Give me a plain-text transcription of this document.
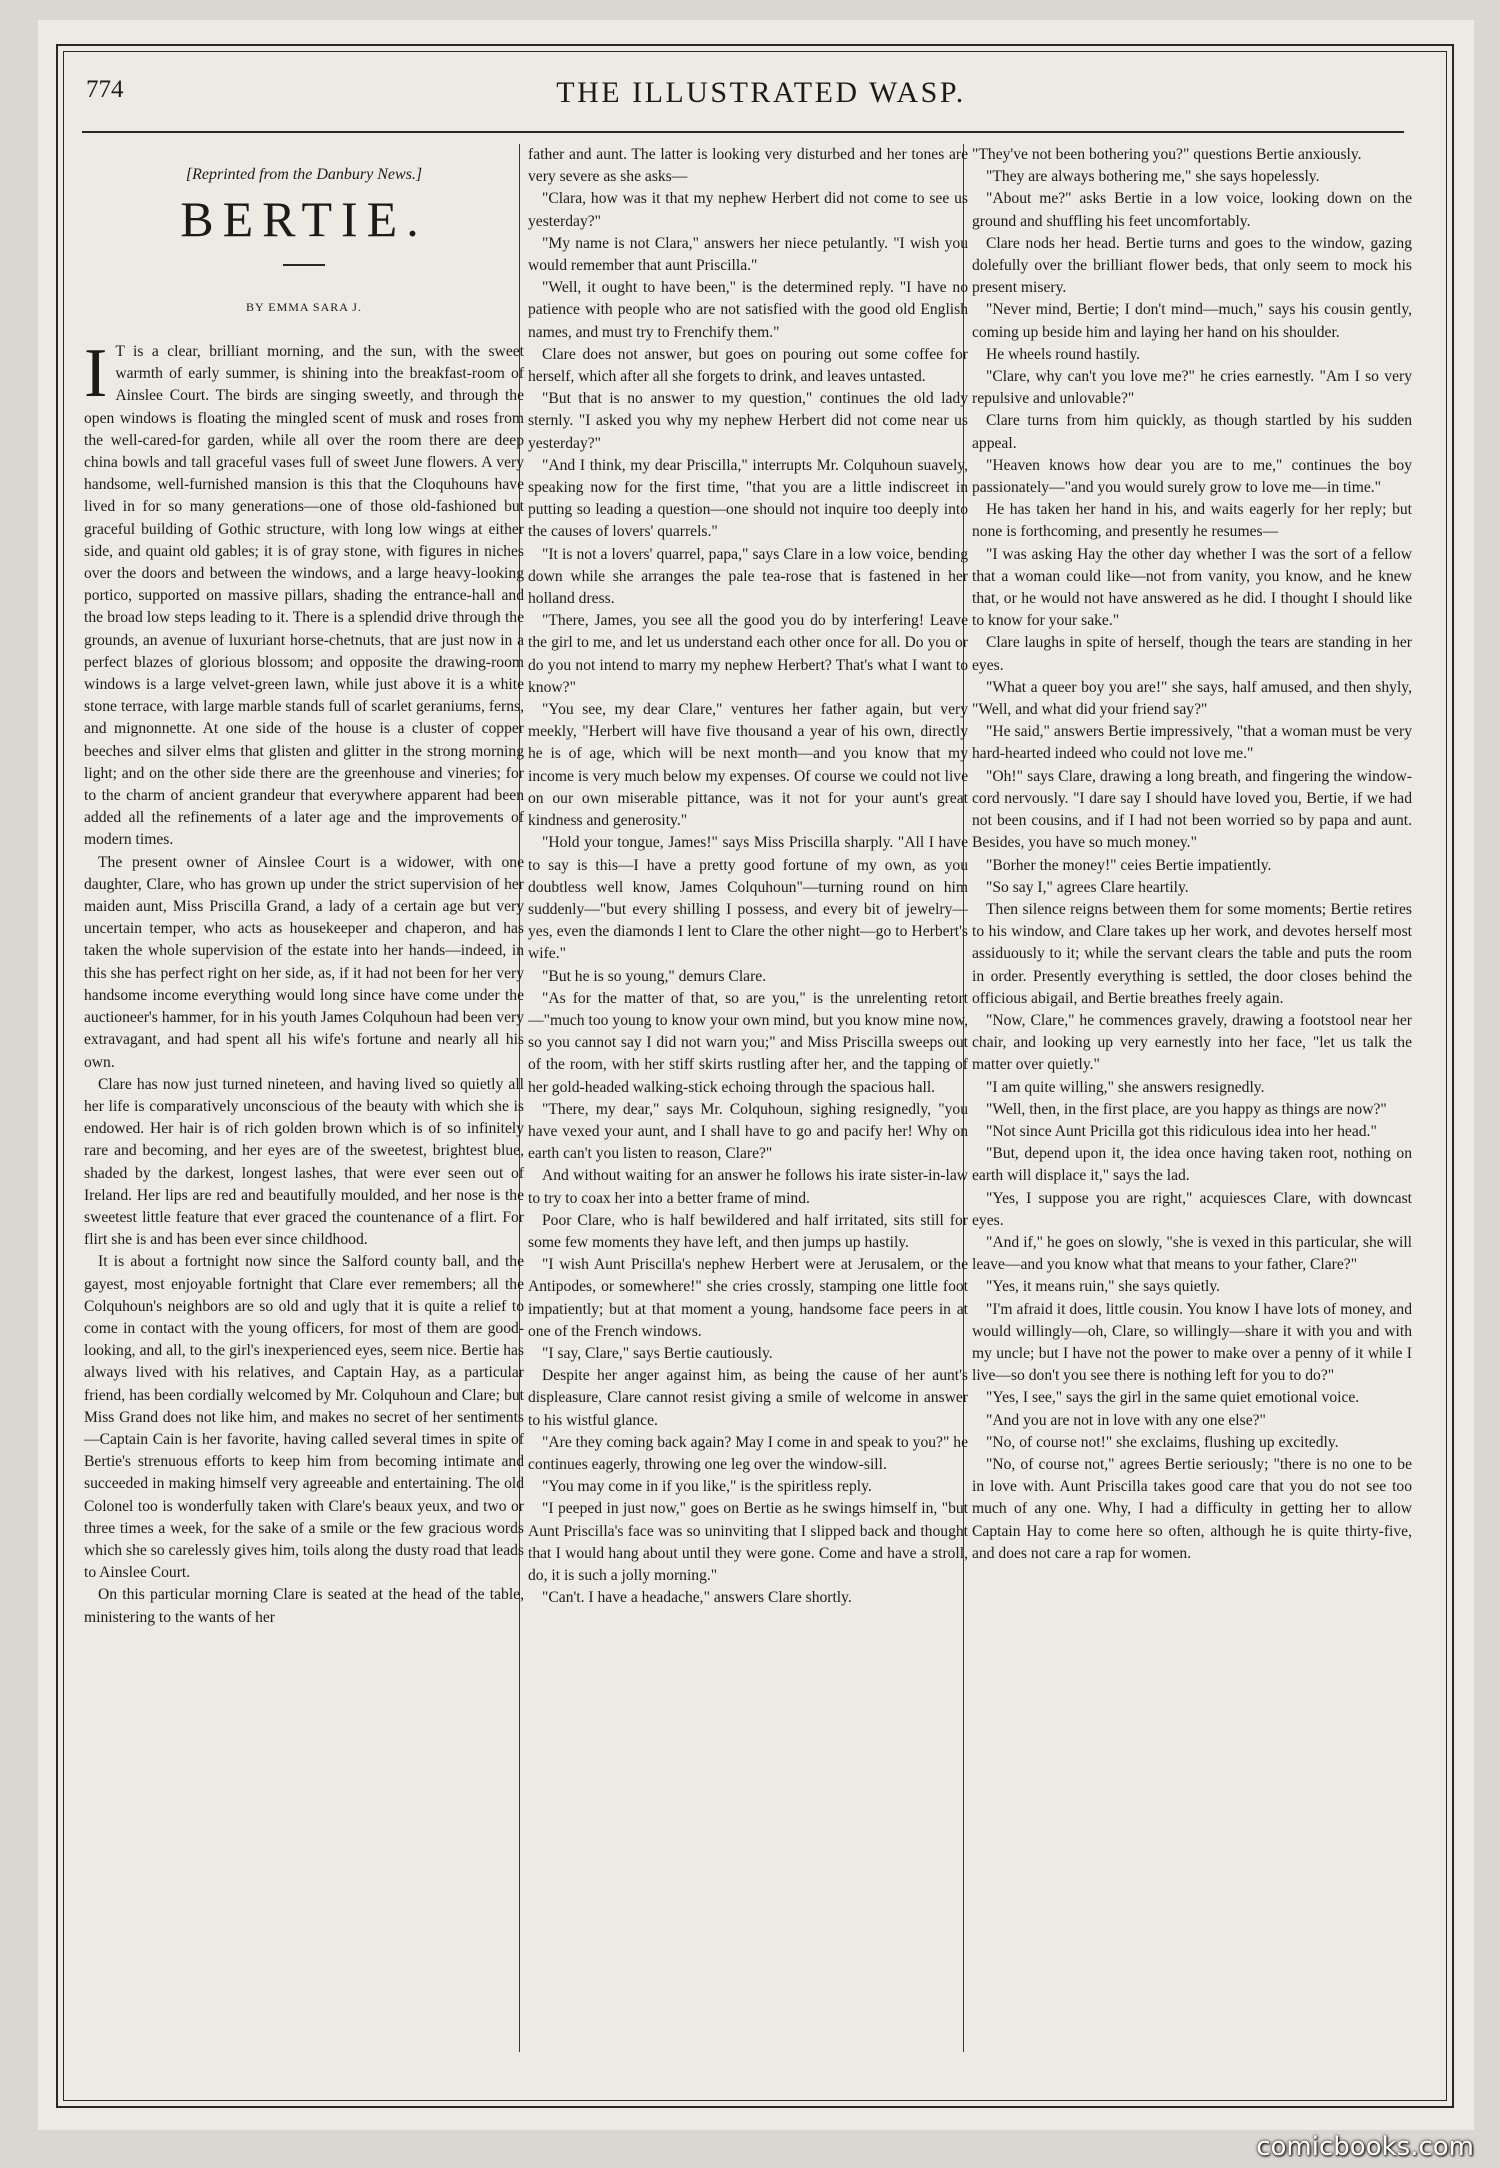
774	THE ILLUSTRATED WASP.
[Reprinted from the Danbury News.]
BERTIE.
BY EMMA SARA J.

I T is a clear, brilliant morning, and the sun, with the sweet warmth of early summer, is shining into the breakfast-room of Ainslee Court. The birds are singing sweetly, and through the open windows is floating the mingled scent of musk and roses from the well-cared-for garden, while all over the room there are deep china bowls and tall graceful vases full of sweet June flowers. A very handsome, well-furnished mansion is this that the Cloquhouns have lived in for so many generations—one of those old-fashioned but graceful building of Gothic structure, with long low wings at either side, and quaint old gables; it is of gray stone, with figures in niches over the doors and between the windows, and a large heavy-looking portico, supported on massive pillars, shading the entrance-hall and the broad low steps leading to it. There is a splendid drive through the grounds, an avenue of luxuriant horse-chetnuts, that are just now in a perfect blazes of glorious blossom; and opposite the drawing-room windows is a large velvet-green lawn, while just above it is a white stone terrace, with large marble stands full of scarlet geraniums, ferns, and mignonnette. At one side of the house is a cluster of copper beeches and silver elms that glisten and glitter in the strong morning light; and on the other side there are the greenhouse and vineries; for to the charm of ancient grandeur that everywhere apparent had been added all the refinements of a later age and the improvements of modern times.

The present owner of Ainslee Court is a widower, with one daughter, Clare, who has grown up under the strict supervision of her maiden aunt, Miss Priscilla Grand, a lady of a certain age but very uncertain temper, who acts as housekeeper and chaperon, and has taken the whole supervision of the estate into her hands—indeed, in this she has perfect right on her side, as, if it had not been for her very handsome income everything would long since have come under the auctioneer's hammer, for in his youth James Colquhoun had been very extravagant, and had spent all his wife's fortune and nearly all his own.

Clare has now just turned nineteen, and having lived so quietly all her life is comparatively unconscious of the beauty with which she is endowed. Her hair is of rich golden brown which is of so infinitely rare and becoming, and her eyes are of the sweetest, brightest blue, shaded by the darkest, longest lashes, that were ever seen out of Ireland. Her lips are red and beautifully moulded, and her nose is the sweetest little feature that ever graced the countenance of a flirt. For flirt she is and has been ever since childhood.

It is about a fortnight now since the Salford county ball, and the gayest, most enjoyable fortnight that Clare ever remembers; all the Colquhoun's neighbors are so old and ugly that it is quite a relief to come in contact with the young officers, for most of them are good-looking, and all, to the girl's inexperienced eyes, seem nice. Bertie has always lived with his relatives, and Captain Hay, as a particular friend, has been cordially welcomed by Mr. Colquhoun and Clare; but Miss Grand does not like him, and makes no secret of her sentiments—Captain Cain is her favorite, having called several times in spite of Bertie's strenuous efforts to keep him from becoming intimate and succeeded in making himself very agreeable and entertaining. The old Colonel too is wonderfully taken with Clare's beaux yeux, and two or three times a week, for the sake of a smile or the few gracious words which she so carelessly gives him, toils along the dusty road that leads to Ainslee Court.

On this particular morning Clare is seated at the head of the table, ministering to the wants of her

father and aunt. The latter is looking very disturbed and her tones are very severe as she asks—

"Clara, how was it that my nephew Herbert did not come to see us yesterday?"

"My name is not Clara," answers her niece petulantly. "I wish you would remember that aunt Priscilla."

"Well, it ought to have been," is the determined reply. "I have no patience with people who are not satisfied with the good old English names, and must try to Frenchify them."

Clare does not answer, but goes on pouring out some coffee for herself, which after all she forgets to drink, and leaves untasted.

"But that is no answer to my question," continues the old lady sternly. "I asked you why my nephew Herbert did not come near us yesterday?"

"And I think, my dear Priscilla," interrupts Mr. Colquhoun suavely, speaking now for the first time, "that you are a little indiscreet in putting so leading a question—one should not inquire too deeply into the causes of lovers' quarrels."

"It is not a lovers' quarrel, papa," says Clare in a low voice, bending down while she arranges the pale tea-rose that is fastened in her holland dress.

"There, James, you see all the good you do by interfering! Leave the girl to me, and let us understand each other once for all. Do you or do you not intend to marry my nephew Herbert? That's what I want to know?"

"You see, my dear Clare," ventures her father again, but very meekly, "Herbert will have five thousand a year of his own, directly he is of age, which will be next month—and you know that my income is very much below my expenses. Of course we could not live on our own miserable pittance, was it not for your aunt's great kindness and generosity."

"Hold your tongue, James!" says Miss Priscilla sharply. "All I have to say is this—I have a pretty good fortune of my own, as you doubtless well know, James Colquhoun"—turning round on him suddenly—"but every shilling I possess, and every bit of jewelry—yes, even the diamonds I lent to Clare the other night—go to Herbert's wife."

"But he is so young," demurs Clare.

"As for the matter of that, so are you," is the unrelenting retort—"much too young to know your own mind, but you know mine now, so you cannot say I did not warn you;" and Miss Priscilla sweeps out of the room, with her stiff skirts rustling after her, and the tapping of her gold-headed walking-stick echoing through the spacious hall.

"There, my dear," says Mr. Colquhoun, sighing resignedly, "you have vexed your aunt, and I shall have to go and pacify her! Why on earth can't you listen to reason, Clare?"

And without waiting for an answer he follows his irate sister-in-law to try to coax her into a better frame of mind.

Poor Clare, who is half bewildered and half irritated, sits still for some few moments they have left, and then jumps up hastily.

"I wish Aunt Priscilla's nephew Herbert were at Jerusalem, or the Antipodes, or somewhere!" she cries crossly, stamping one little foot impatiently; but at that moment a young, handsome face peers in at one of the French windows.

"I say, Clare," says Bertie cautiously.

Despite her anger against him, as being the cause of her aunt's displeasure, Clare cannot resist giving a smile of welcome in answer to his wistful glance.

"Are they coming back again? May I come in and speak to you?" he continues eagerly, throwing one leg over the window-sill.

"You may come in if you like," is the spiritless reply.

"I peeped in just now," goes on Bertie as he swings himself in, "but Aunt Priscilla's face was so uninviting that I slipped back and thought that I would hang about until they were gone. Come and have a stroll, do, it is such a jolly morning."

"Can't. I have a headache," answers Clare shortly.

"They've not been bothering you?" questions Bertie anxiously.

"They are always bothering me," she says hopelessly.

"About me?" asks Bertie in a low voice, looking down on the ground and shuffling his feet uncomfortably.

Clare nods her head. Bertie turns and goes to the window, gazing dolefully over the brilliant flower beds, that only seem to mock his present misery.

"Never mind, Bertie; I don't mind—much," says his cousin gently, coming up beside him and laying her hand on his shoulder.

He wheels round hastily.

"Clare, why can't you love me?" he cries earnestly. "Am I so very repulsive and unlovable?"

Clare turns from him quickly, as though startled by his sudden appeal.

"Heaven knows how dear you are to me," continues the boy passionately—"and you would surely grow to love me—in time."

He has taken her hand in his, and waits eagerly for her reply; but none is forthcoming, and presently he resumes—

"I was asking Hay the other day whether I was the sort of a fellow that a woman could like—not from vanity, you know, and he knew that, or he would not have answered as he did. I thought I should like to know for your sake."

Clare laughs in spite of herself, though the tears are standing in her eyes.

"What a queer boy you are!" she says, half amused, and then shyly, "Well, and what did your friend say?"

"He said," answers Bertie impressively, "that a woman must be very hard-hearted indeed who could not love me."

"Oh!" says Clare, drawing a long breath, and fingering the window-cord nervously. "I dare say I should have loved you, Bertie, if we had not been cousins, and if I had not been worried so by papa and aunt. Besides, you have so much money."

"Borher the money!" ceies Bertie impatiently.

"So say I," agrees Clare heartily.

Then silence reigns between them for some moments; Bertie retires to his window, and Clare takes up her work, and devotes herself most assiduously to it; while the servant clears the table and puts the room in order. Presently everything is settled, the door closes behind the officious abigail, and Bertie breathes freely again.

"Now, Clare," he commences gravely, drawing a footstool near her chair, and looking up very earnestly into her face, "let us talk the matter over quietly."

"I am quite willing," she answers resignedly.

"Well, then, in the first place, are you happy as things are now?"

"Not since Aunt Pricilla got this ridiculous idea into her head."

"But, depend upon it, the idea once having taken root, nothing on earth will displace it," says the lad.

"Yes, I suppose you are right," acquiesces Clare, with downcast eyes.

"And if," he goes on slowly, "she is vexed in this particular, she will leave—and you know what that means to your father, Clare?"

"Yes, it means ruin," she says quietly.

"I'm afraid it does, little cousin. You know I have lots of money, and would willingly—oh, Clare, so willingly—share it with you and with my uncle; but I have not the power to make over a penny of it while I live—so don't you see there is nothing left for you to do?"

"Yes, I see," says the girl in the same quiet emotional voice.

"And you are not in love with any one else?"

"No, of course not!" she exclaims, flushing up excitedly.

"No, of course not," agrees Bertie seriously; "there is no one to be in love with. Aunt Priscilla takes good care that you do not see too much of any one. Why, I had a difficulty in getting her to allow Captain Hay to come here so often, although he is quite thirty-five, and does not care a rap for women.

comicbooks.com
